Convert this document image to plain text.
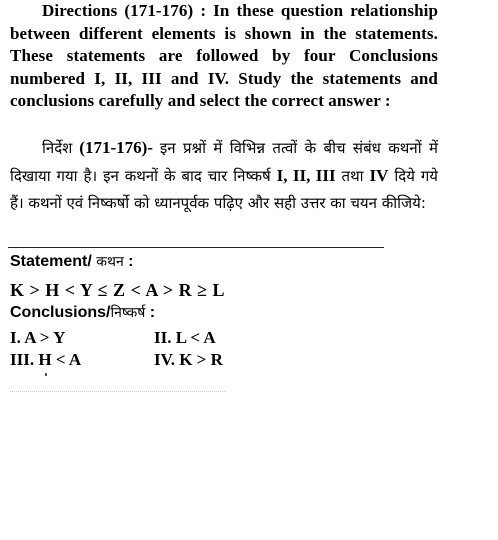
Directions (171-176) : In these question relationship between different elements is shown in the statements. These statements are followed by four Conclusions numbered I, II, III and IV. Study the statements and conclusions carefully and select the correct answer :

निर्देश (171-176)- इन प्रश्नों में विभिन्न तत्वों के बीच संबंध कथनों में दिखाया गया है। इन कथनों के बाद चार निष्कर्ष I, II, III तथा IV दिये गये हैं। कथनों एवं निष्कर्षो को ध्यानपूर्वक पढ़िए और सही उत्तर का चयन कीजिये:

Statement/ कथन :

K > H < Y ≤ Z < A > R ≥ L

Conclusions/निष्कर्ष :

I. A > Y	II. L < A

III. H < A	IV. K > R
